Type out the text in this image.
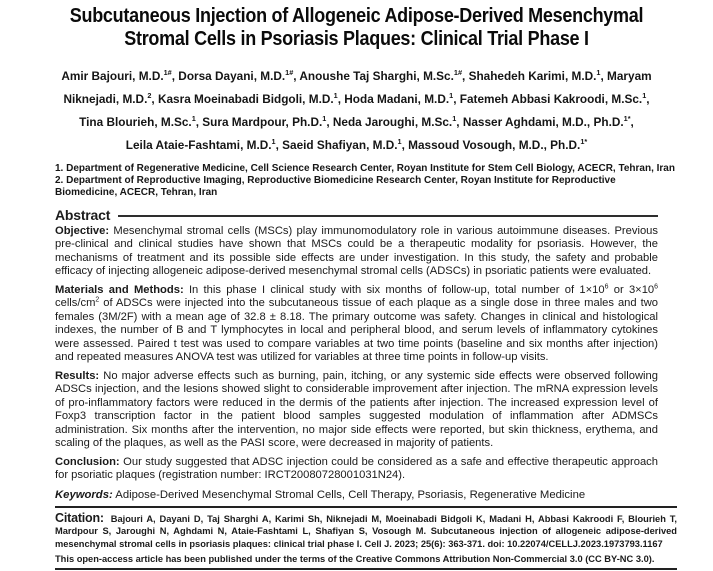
Subcutaneous Injection of Allogeneic Adipose-Derived Mesenchymal
Stromal Cells in Psoriasis Plaques: Clinical Trial Phase I
Amir Bajouri, M.D.$^{1\#}$, Dorsa Dayani, M.D.$^{1\#}$, Anoushe Taj Sharghi, M.Sc.$^{1\#}$, Shahedeh Karimi, M.D.$^1$, Maryam
Niknejadi, M.D.$^2$, Kasra Moeinabadi Bidgoli, M.D.$^1$, Hoda Madani, M.D.$^1$, Fatemeh Abbasi Kakroodi, M.Sc.$^1$,
Tina Blourieh, M.Sc.$^1$, Sura Mardpour, Ph.D.$^1$, Neda Jaroughi, M.Sc.$^1$, Nasser Aghdami, M.D., Ph.D.$^{1*}$,
Leila Ataie-Fashtami, M.D.$^1$, Saeid Shafiyan, M.D.$^1$, Massoud Vosough, M.D., Ph.D.$^{1*}$
1. Department of Regenerative Medicine, Cell Science Research Center, Royan Institute for Stem Cell Biology, ACECR, Tehran, Iran
2. Department of Reproductive Imaging, Reproductive Biomedicine Research Center, Royan Institute for Reproductive Biomedicine, ACECR, Tehran, Iran
Abstract

Objective: Mesenchymal stromal cells (MSCs) play immunomodulatory role in various autoimmune diseases. Previous pre-clinical and clinical studies have shown that MSCs could be a therapeutic modality for psoriasis. However, the mechanisms of treatment and its possible side effects are under investigation. In this study, the safety and probable efficacy of injecting allogeneic adipose-derived mesenchymal stromal cells (ADSCs) in psoriatic patients were evaluated.

Materials and Methods: In this phase I clinical study with six months of follow-up, total number of $1\times 10^6$ or $3\times 10^6$ cells/$cm^2$ of ADSCs were injected into the subcutaneous tissue of each plaque as a single dose in three males and two females (3M/2F) with a mean age of 32.8 ± 8.18. The primary outcome was safety. Changes in clinical and histological indexes, the number of B and T lymphocytes in local and peripheral blood, and serum levels of inflammatory cytokines were assessed. Paired t test was used to compare variables at two time points (baseline and six months after injection) and repeated measures ANOVA test was utilized for variables at three time points in follow-up visits.

Results: No major adverse effects such as burning, pain, itching, or any systemic side effects were observed following ADSCs injection, and the lesions showed slight to considerable improvement after injection. The mRNA expression levels of pro-inflammatory factors were reduced in the dermis of the patients after injection. The increased expression level of Foxp3 transcription factor in the patient blood samples suggested modulation of inflammation after ADMSCs administration. Six months after the intervention, no major side effects were reported, but skin thickness, erythema, and scaling of the plaques, as well as the PASI score, were decreased in majority of patients.

Conclusion: Our study suggested that ADSC injection could be considered as a safe and effective therapeutic approach for psoriatic plaques (registration number: IRCT20080728001031N24).

Keywords: Adipose-Derived Mesenchymal Stromal Cells, Cell Therapy, Psoriasis, Regenerative Medicine
Citation: Bajouri A, Dayani D, Taj Sharghi A, Karimi Sh, Niknejadi M, Moeinabadi Bidgoli K, Madani H, Abbasi Kakroodi F, Blourieh T, Mardpour S, Jaroughi N, Aghdami N, Ataie-Fashtami L, Shafiyan S, Vosough M. Subcutaneous injection of allogeneic adipose-derived mesenchymal stromal cells in psoriasis plaques: clinical trial phase I. Cell J. 2023; 25(6): 363-371. doi: 10.22074/CELLJ.2023.1973793.1167
This open-access article has been published under the terms of the Creative Commons Attribution Non-Commercial 3.0 (CC BY-NC 3.0).
